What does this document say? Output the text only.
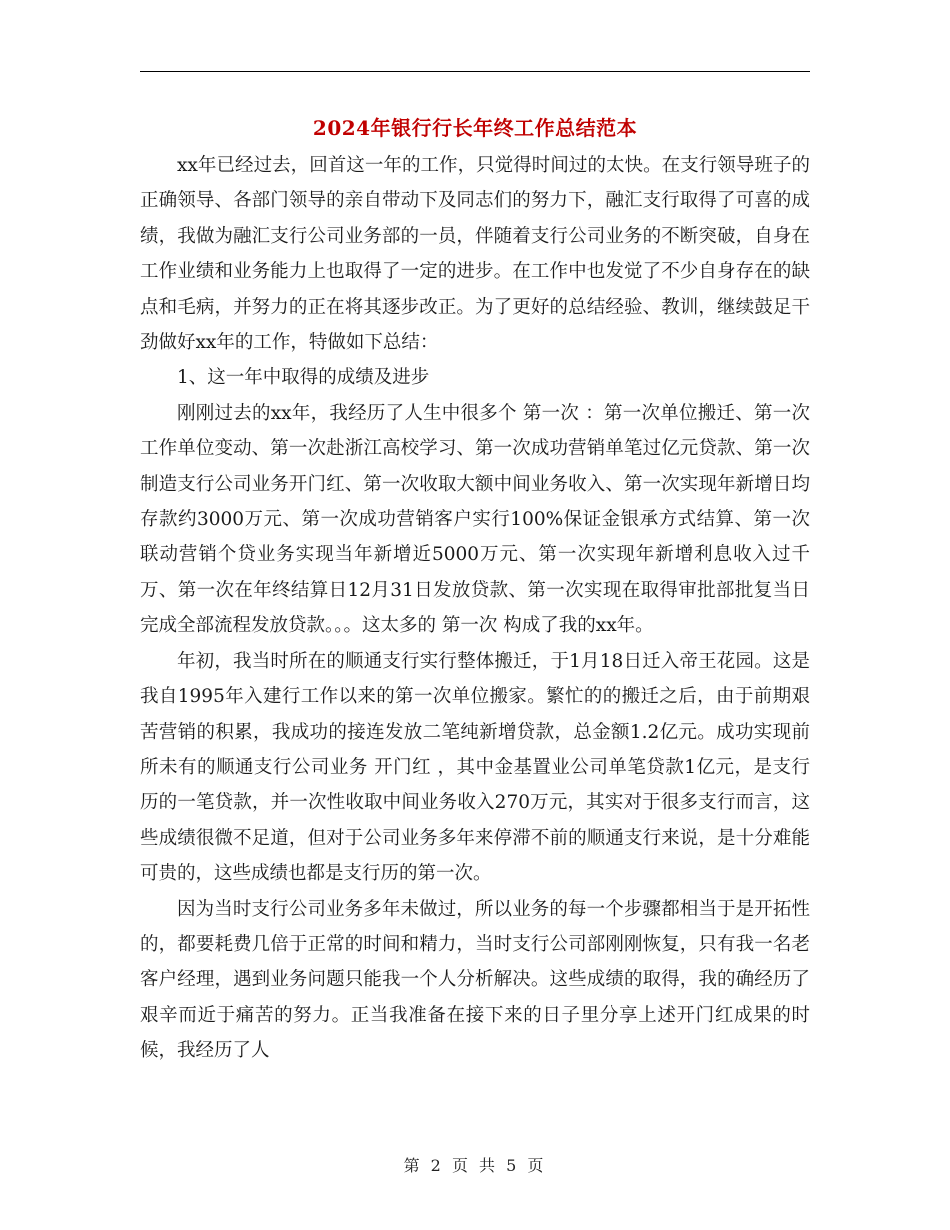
2024年银行行长年终工作总结范本

xx年已经过去，回首这一年的工作，只觉得时间过的太快。在支行领导班子的正确领导、各部门领导的亲自带动下及同志们的努力下，融汇支行取得了可喜的成绩，我做为融汇支行公司业务部的一员，伴随着支行公司业务的不断突破，自身在工作业绩和业务能力上也取得了一定的进步。在工作中也发觉了不少自身存在的缺点和毛病，并努力的正在将其逐步改正。为了更好的总结经验、教训，继续鼓足干劲做好xx年的工作，特做如下总结：

1、这一年中取得的成绩及进步

刚刚过去的xx年，我经历了人生中很多个 第一次 ：第一次单位搬迁、第一次工作单位变动、第一次赴浙江高校学习、第一次成功营销单笔过亿元贷款、第一次制造支行公司业务开门红、第一次收取大额中间业务收入、第一次实现年新增日均存款约3000万元、第一次成功营销客户实行100%保证金银承方式结算、第一次联动营销个贷业务实现当年新增近5000万元、第一次实现年新增利息收入过千万、第一次在年终结算日12月31日发放贷款、第一次实现在取得审批部批复当日完成全部流程发放贷款。。。这太多的 第一次 构成了我的xx年。

年初，我当时所在的顺通支行实行整体搬迁，于1月18日迁入帝王花园。这是我自1995年入建行工作以来的第一次单位搬家。繁忙的的搬迁之后，由于前期艰苦营销的积累，我成功的接连发放二笔纯新增贷款，总金额1.2亿元。成功实现前所未有的顺通支行公司业务 开门红 ，其中金基置业公司单笔贷款1亿元，是支行历的一笔贷款，并一次性收取中间业务收入270万元，其实对于很多支行而言，这些成绩很微不足道，但对于公司业务多年来停滞不前的顺通支行来说，是十分难能可贵的，这些成绩也都是支行历的第一次。

因为当时支行公司业务多年未做过，所以业务的每一个步骤都相当于是开拓性的，都要耗费几倍于正常的时间和精力，当时支行公司部刚刚恢复，只有我一名老客户经理，遇到业务问题只能我一个人分析解决。这些成绩的取得，我的确经历了艰辛而近于痛苦的努力。正当我准备在接下来的日子里分享上述开门红成果的时候，我经历了人

第 2 页 共 5 页
